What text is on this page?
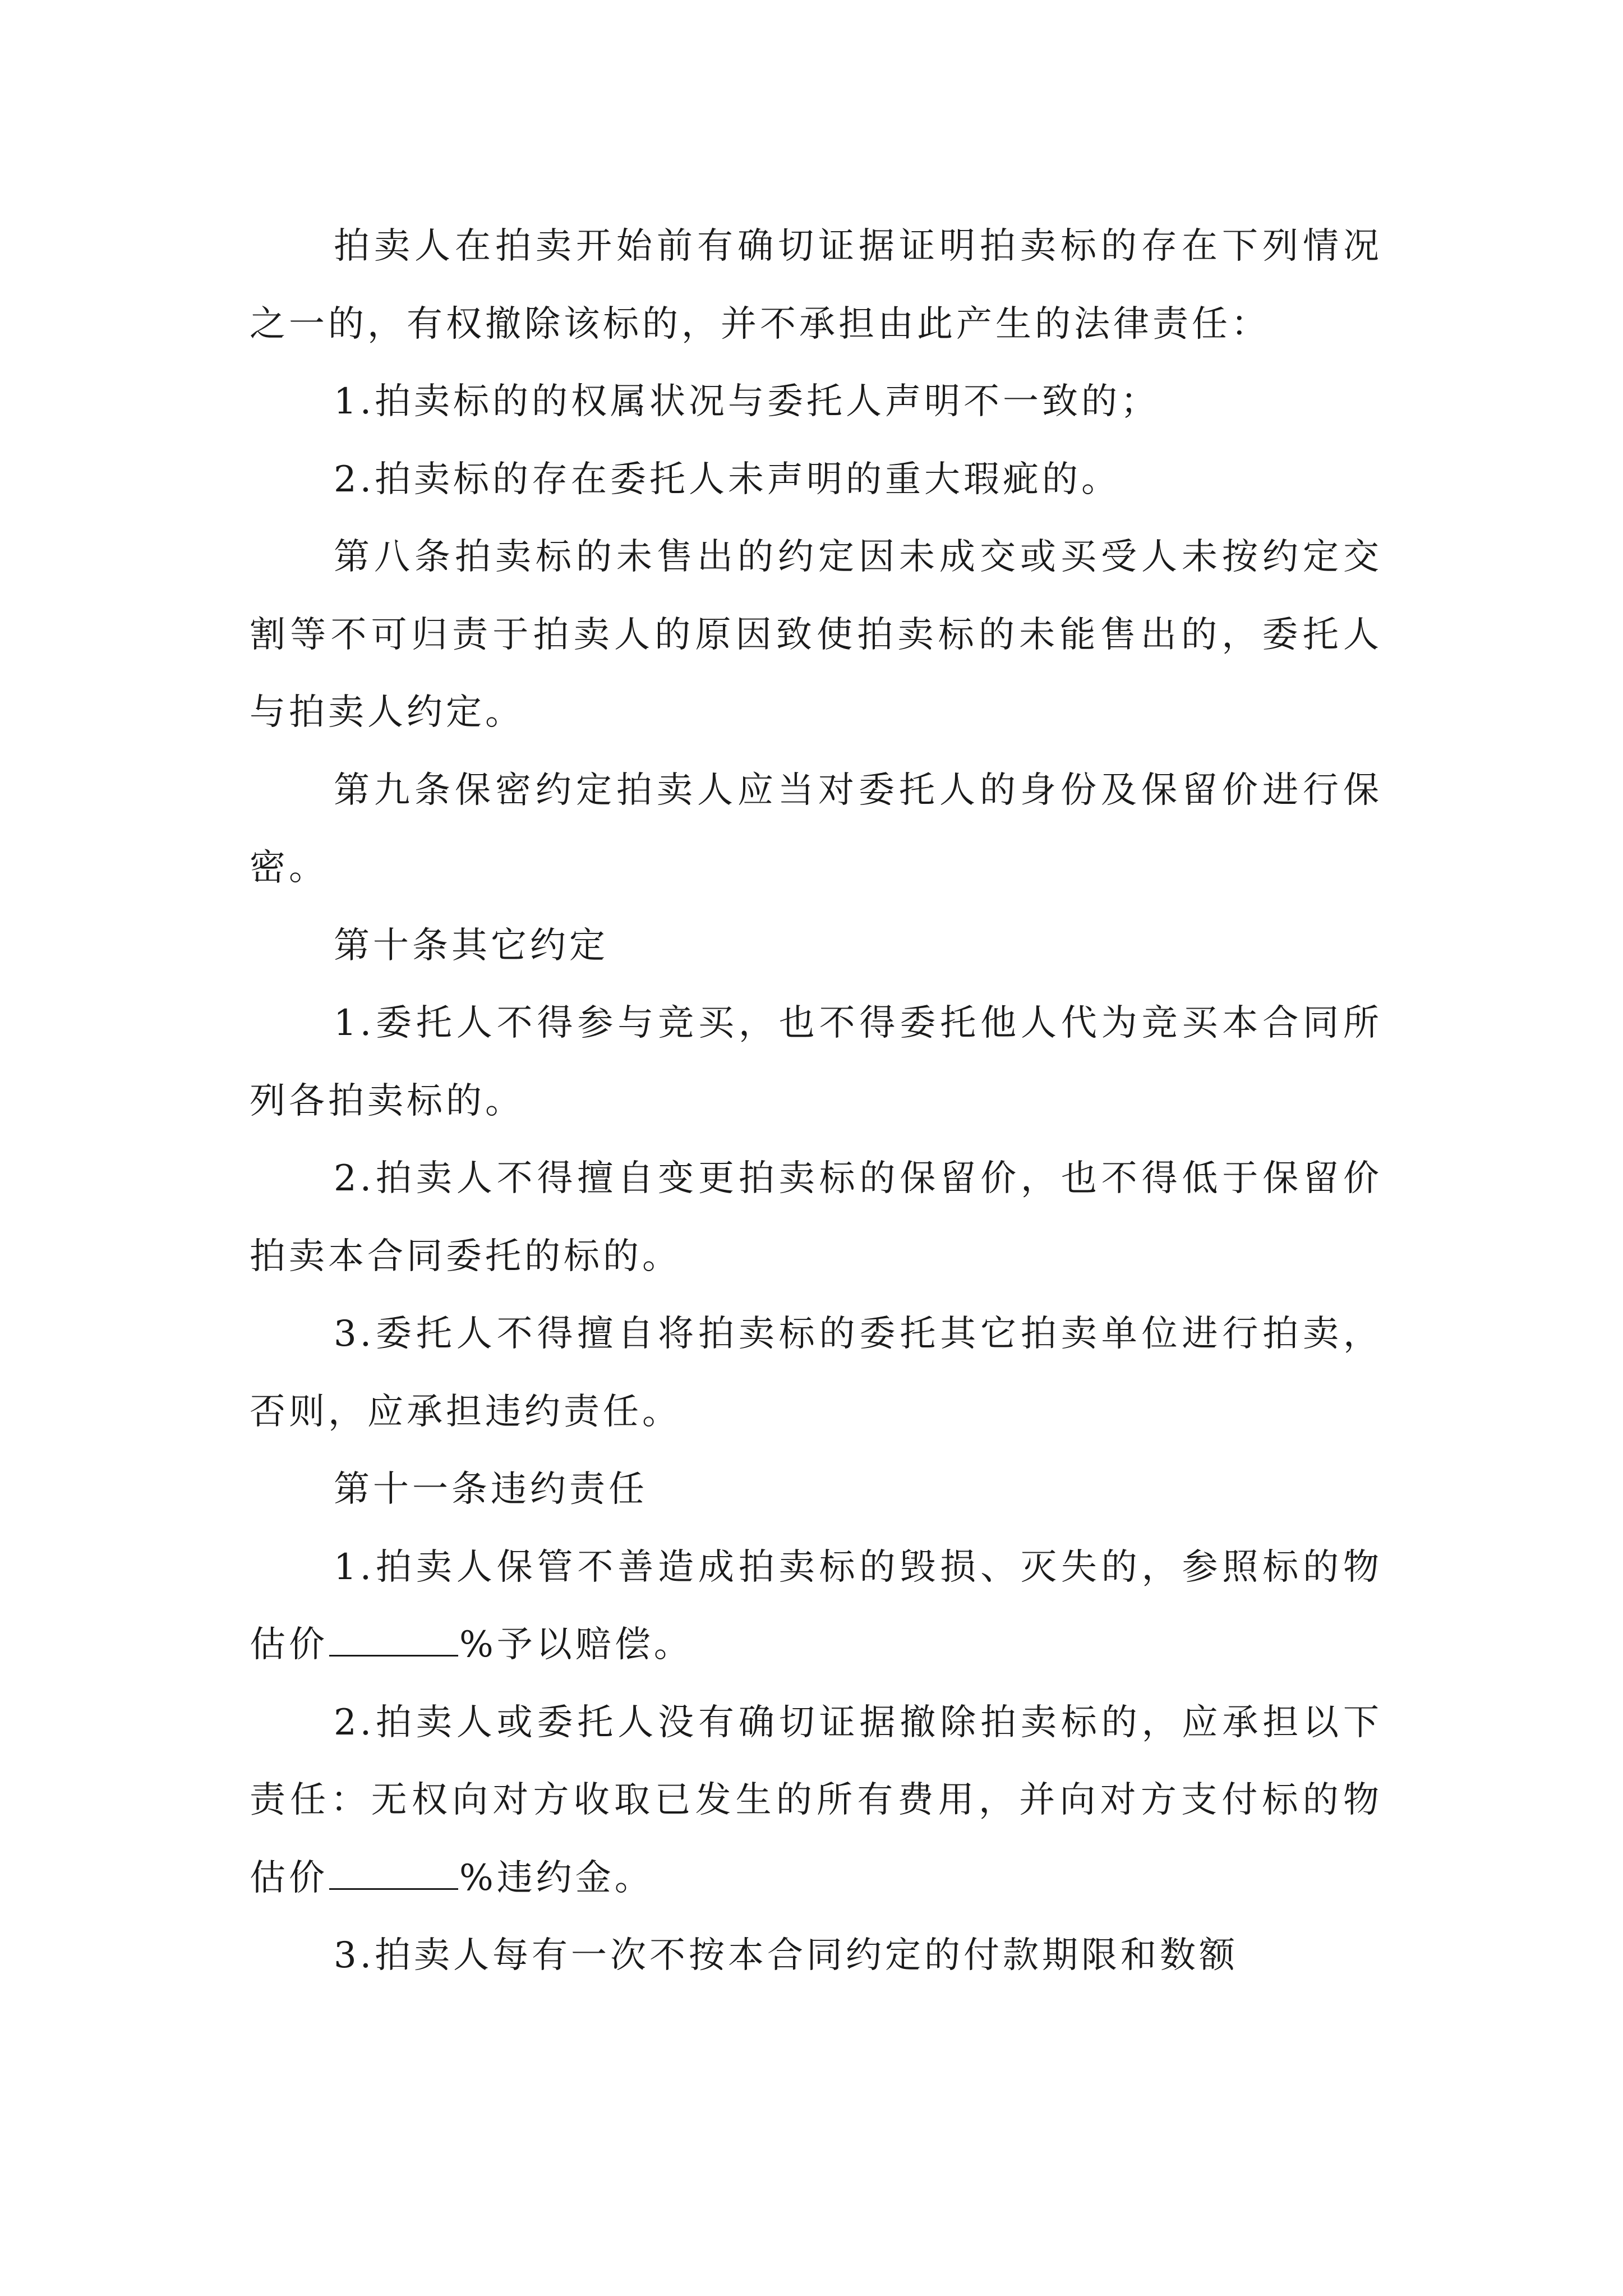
拍卖人在拍卖开始前有确切证据证明拍卖标的存在下列情况之一的，有权撤除该标的，并不承担由此产生的法律责任：

1.拍卖标的的权属状况与委托人声明不一致的；

2.拍卖标的存在委托人未声明的重大瑕疵的。

第八条拍卖标的未售出的约定因未成交或买受人未按约定交割等不可归责于拍卖人的原因致使拍卖标的未能售出的，委托人与拍卖人约定。

第九条保密约定拍卖人应当对委托人的身份及保留价进行保密。

第十条其它约定

1.委托人不得参与竞买，也不得委托他人代为竞买本合同所列各拍卖标的。

2.拍卖人不得擅自变更拍卖标的保留价，也不得低于保留价拍卖本合同委托的标的。

3.委托人不得擅自将拍卖标的委托其它拍卖单位进行拍卖，否则，应承担违约责任。

第十一条违约责任

1.拍卖人保管不善造成拍卖标的毁损、灭失的，参照标的物估价	%予以赔偿。

2.拍卖人或委托人没有确切证据撤除拍卖标的，应承担以下责任：无权向对方收取已发生的所有费用，并向对方支付标的物估价	%违约金。

3.拍卖人每有一次不按本合同约定的付款期限和数额
